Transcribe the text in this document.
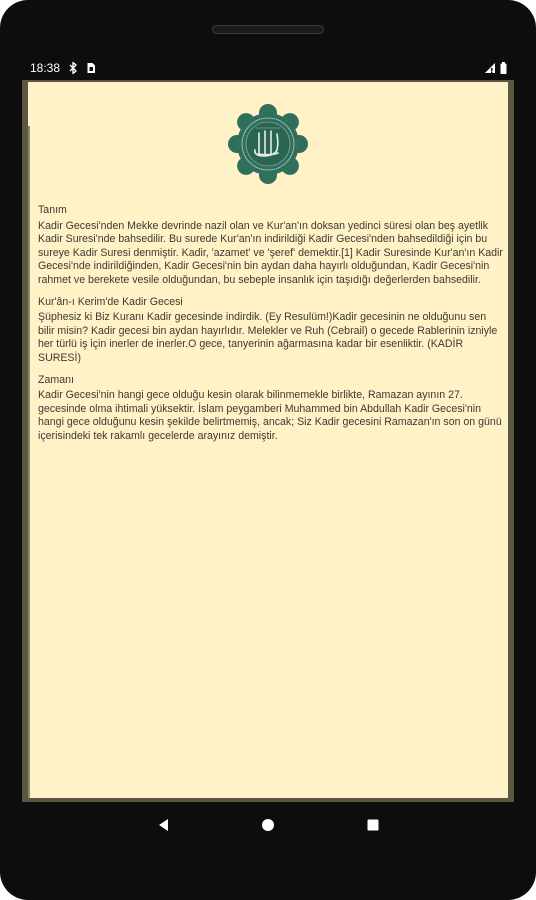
18:38
Tanım

Kadir Gecesi'nden Mekke devrinde nazil olan ve Kur'an'ın doksan yedinci süresi olan beş ayetlik Kadir Suresi'nde bahsedilir. Bu surede Kur'an'ın indirildiği Kadir Gecesi'nden bahsedildiği için bu sureye Kadir Suresi denmiştir. Kadir, 'azamet' ve 'şeref' demektir.[1] Kadir Suresinde Kur'an'ın Kadir Gecesi'nde indirildiğinden, Kadir Gecesi'nin bin aydan daha hayırlı olduğundan, Kadir Gecesi'nin rahmet ve berekete vesile olduğundan, bu sebeple insanlık için taşıdığı değerlerden bahsedilir.

Kur'ân-ı Kerim'de Kadir Gecesi

Şüphesiz ki Biz Kuranı Kadir gecesinde indirdik. (Ey Resulüm!)Kadir gecesinin ne olduğunu sen bilir misin? Kadir gecesi bin aydan hayırlıdır. Melekler ve Ruh (Cebrail) o gecede Rablerinin izniyle her türlü iş için inerler de inerler.O gece, tanyerinin ağarmasına kadar bir esenliktir. (KADİR SURESİ)

Zamanı

Kadir Gecesi'nin hangi gece olduğu kesin olarak bilinmemekle birlikte, Ramazan ayının 27. gecesinde olma ihtimali yüksektir. İslam peygamberi Muhammed bin Abdullah Kadir Gecesi'nin hangi gece olduğunu kesin şekilde belirtmemiş, ancak; Siz Kadir gecesini Ramazan'ın son on günü içerisindeki tek rakamlı gecelerde arayınız demiştir.
